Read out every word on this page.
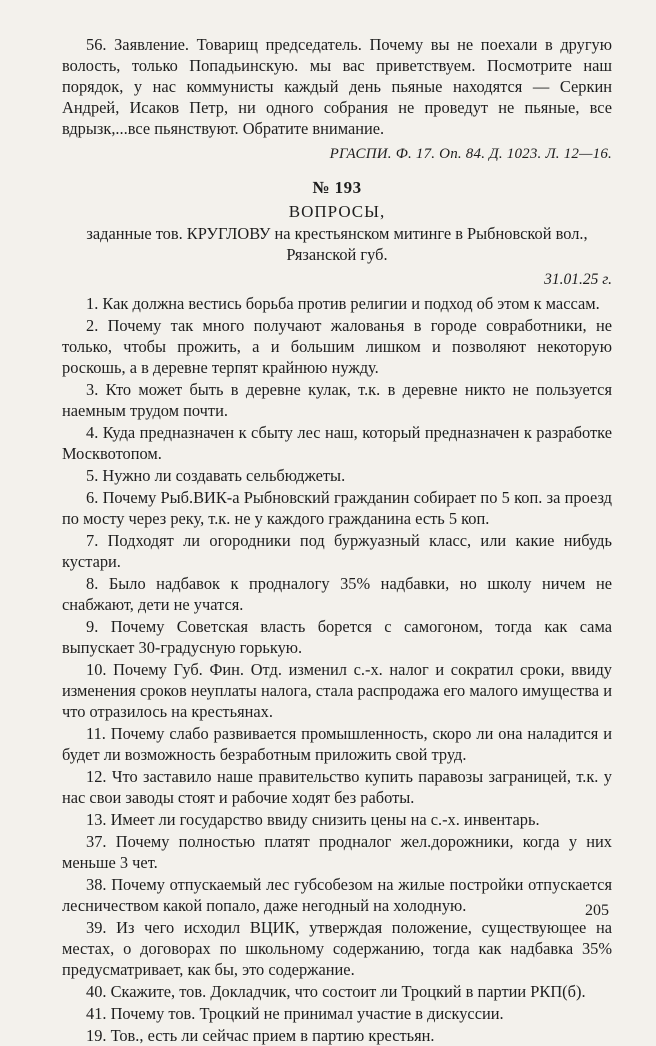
56. Заявление. Товарищ председатель. Почему вы не поехали в другую волость, только Попадьинскую. мы вас приветствуем. Посмотрите наш порядок, у нас коммунисты каждый день пьяные находятся — Серкин Андрей, Исаков Петр, ни одного собрания не проведут не пьяные, все вдрызк,...все пьянствуют. Обратите внимание.

РГАСПИ. Ф. 17. Оп. 84. Д. 1023. Л. 12—16.

№ 193

ВОПРОСЫ,

заданные тов. КРУГЛОВУ на крестьянском митинге в Рыбновской вол., Рязанской губ.

31.01.25 г.

1. Как должна вестись борьба против религии и подход об этом к массам.

2. Почему так много получают жалованья в городе совработники, не только, чтобы прожить, а и большим лишком и позволяют некоторую роскошь, а в деревне терпят крайнюю нужду.

3. Кто может быть в деревне кулак, т.к. в деревне никто не пользуется наемным трудом почти.

4. Куда предназначен к сбыту лес наш, который предназначен к разработке Москвотопом.

5. Нужно ли создавать сельбюджеты.

6. Почему Рыб.ВИК-а Рыбновский гражданин собирает по 5 коп. за проезд по мосту через реку, т.к. не у каждого гражданина есть 5 коп.

7. Подходят ли огородники под буржуазный класс, или какие нибудь кустари.

8. Было надбавок к продналогу 35% надбавки, но школу ничем не снабжают, дети не учатся.

9. Почему Советская власть борется с самогоном, тогда как сама выпускает 30-градусную горькую.

10. Почему Губ. Фин. Отд. изменил с.-х. налог и сократил сроки, ввиду изменения сроков неуплаты налога, стала распродажа его малого имущества и что отразилось на крестьянах.

11. Почему слабо развивается промышленность, скоро ли она наладится и будет ли возможность безработным приложить свой труд.

12. Что заставило наше правительство купить паравозы заграницей, т.к. у нас свои заводы стоят и рабочие ходят без работы.

13. Имеет ли государство ввиду снизить цены на с.-х. инвентарь.

37. Почему полностью платят продналог жел.дорожники, когда у них меньше 3 чет.

38. Почему отпускаемый лес губсобезом на жилые постройки отпускается лесничеством какой попало, даже негодный на холодную.

39. Из чего исходил ВЦИК, утверждая положение, существующее на местах, о договорах по школьному содержанию, тогда как надбавка 35% предусматривает, как бы, это содержание.

40. Скажите, тов. Докладчик, что состоит ли Троцкий в партии РКП(б).

41. Почему тов. Троцкий не принимал участие в дискуссии.

19. Тов., есть ли сейчас прием в партию крестьян.

205
